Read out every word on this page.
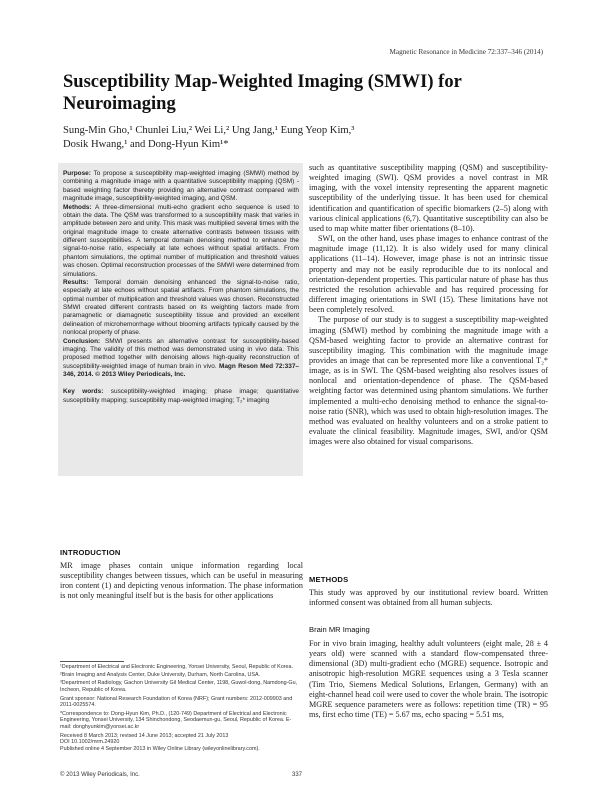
Magnetic Resonance in Medicine 72:337–346 (2014)
Susceptibility Map-Weighted Imaging (SMWI) for Neuroimaging
Sung-Min Gho,¹ Chunlei Liu,² Wei Li,² Ung Jang,¹ Eung Yeop Kim,³
Dosik Hwang,¹ and Dong-Hyun Kim¹*

Purpose: To propose a susceptibility map-weighted imaging (SMWI) method by combining a magnitude image with a quantitative susceptibility mapping (QSM) -based weighting factor thereby providing an alternative contrast compared with magnitude image, susceptibility-weighted imaging, and QSM.

Methods: A three-dimensional multi-echo gradient echo sequence is used to obtain the data. The QSM was transformed to a susceptibility mask that varies in amplitude between zero and unity. This mask was multiplied several times with the original magnitude image to create alternative contrasts between tissues with different susceptibilities. A temporal domain denoising method to enhance the signal-to-noise ratio, especially at late echoes without spatial artifacts. From phantom simulations, the optimal number of multiplication and threshold values was chosen. Optimal reconstruction processes of the SMWI were determined from simulations.

Results: Temporal domain denoising enhanced the signal-to-noise ratio, especially at late echoes without spatial artifacts. From phantom simulations, the optimal number of multiplication and threshold values was chosen. Reconstructed SMWI created different contrasts based on its weighting factors made from paramagnetic or diamagnetic susceptibility tissue and provided an excellent delineation of microhemorrhage without blooming artifacts typically caused by the nonlocal property of phase.

Conclusion: SMWI presents an alternative contrast for susceptibility-based imaging. The validity of this method was demonstrated using in vivo data. This proposed method together with denoising allows high-quality reconstruction of susceptibility-weighted image of human brain in vivo. Magn Reson Med 72:337–346, 2014. © 2013 Wiley Periodicals, Inc.

Key words: susceptibility-weighted imaging; phase image; quantitative susceptibility mapping; susceptibility map-weighted imaging; T₂* imaging

INTRODUCTION

MR image phases contain unique information regarding local susceptibility changes between tissues, which can be useful in measuring iron content (1) and depicting venous information. The phase information is not only meaningful itself but is the basis for other applications

¹Department of Electrical and Electronic Engineering, Yonsei University, Seoul, Republic of Korea.

²Brain Imaging and Analysis Center, Duke University, Durham, North Carolina, USA.

³Department of Radiology, Gachon University Gil Medical Center, 1198, Guwol-dong, Namdong-Gu, Incheon, Republic of Korea.

Grant sponsor: National Research Foundation of Korea (NRF); Grant numbers: 2012-009903 and 2011-0025574.

*Correspondence to: Dong-Hyun Kim, Ph.D., (120-749) Department of Electrical and Electronic Engineering, Yonsei University, 134 Shinchondong, Seodaemun-gu, Seoul, Republic of Korea. E-mail: donghyunkim@yonsei.ac.kr

Received 8 March 2013; revised 14 June 2013; accepted 21 July 2013

DOI 10.1002/mrm.24920

Published online 4 September 2013 in Wiley Online Library (wileyonlinelibrary.com).

such as quantitative susceptibility mapping (QSM) and susceptibility-weighted imaging (SWI). QSM provides a novel contrast in MR imaging, with the voxel intensity representing the apparent magnetic susceptibility of the underlying tissue. It has been used for chemical identification and quantification of specific biomarkers (2–5) along with various clinical applications (6,7). Quantitative susceptibility can also be used to map white matter fiber orientations (8–10).

SWI, on the other hand, uses phase images to enhance contrast of the magnitude image (11,12). It is also widely used for many clinical applications (11–14). However, image phase is not an intrinsic tissue property and may not be easily reproducible due to its nonlocal and orientation-dependent properties. This particular nature of phase has thus restricted the resolution achievable and has required processing for different imaging orientations in SWI (15). These limitations have not been completely resolved.

The purpose of our study is to suggest a susceptibility map-weighted imaging (SMWI) method by combining the magnitude image with a QSM-based weighting factor to provide an alternative contrast for susceptibility imaging. This combination with the magnitude image provides an image that can be represented more like a conventional T₂* image, as is in SWI. The QSM-based weighting also resolves issues of nonlocal and orientation-dependence of phase. The QSM-based weighting factor was determined using phantom simulations. We further implemented a multi-echo denoising method to enhance the signal-to-noise ratio (SNR), which was used to obtain high-resolution images. The method was evaluated on healthy volunteers and on a stroke patient to evaluate the clinical feasibility. Magnitude images, SWI, and/or QSM images were also obtained for visual comparisons.

METHODS

This study was approved by our institutional review board. Written informed consent was obtained from all human subjects.

Brain MR Imaging

For in vivo brain imaging, healthy adult volunteers (eight male, 28 ± 4 years old) were scanned with a standard flow-compensated three-dimensional (3D) multi-gradient echo (MGRE) sequence. Isotropic and anisotropic high-resolution MGRE sequences using a 3 Tesla scanner (Tim Trio, Siemens Medical Solutions, Erlangen, Germany) with an eight-channel head coil were used to cover the whole brain. The isotropic MGRE sequence parameters were as follows: repetition time (TR) = 95 ms, first echo time (TE) = 5.67 ms, echo spacing = 5.51 ms,

© 2013 Wiley Periodicals, Inc.	337
